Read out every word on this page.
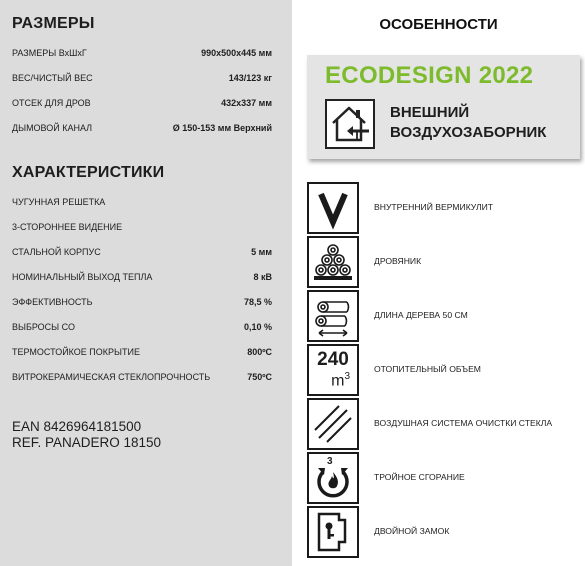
РАЗМЕРЫ
РАЗМЕРЫ ВхШхГ	990х500х445 мм
ВЕС/ЧИСТЫЙ ВЕС	143/123 кг
ОТСЕК ДЛЯ ДРОВ	432х337 мм
ДЫМОВОЙ КАНАЛ	Ø 150-153 мм Верхний
ХАРАКТЕРИСТИКИ
ЧУГУННАЯ РЕШЕТКА
3-СТОРОННЕЕ ВИДЕНИЕ
СТАЛЬНОЙ КОРПУС	5 мм
НОМИНАЛЬНЫЙ ВЫХОД ТЕПЛА	8 кВ
ЭФФЕКТИВНОСТЬ	78,5 %
ВЫБРОСЫ СО	0,10 %
ТЕРМОСТОЙКОЕ ПОКРЫТИЕ	800ºC
ВИТРОКЕРАМИЧЕСКАЯ СТЕКЛОПРОЧНОСТЬ	750ºC
EAN 8426964181500
REF. PANADERO 18150
ОСОБЕННОСТИ
ECODESIGN 2022
ВНЕШНИЙ ВОЗДУХОЗАБОРНИК
ВНУТРЕННИЙ ВЕРМИКУЛИТ
ДРОВЯНИК
ДЛИНА ДЕРЕВА 50 СМ
240
$m^3$
ОТОПИТЕЛЬНЫЙ ОБЪЕМ
ВОЗДУШНАЯ СИСТЕМА ОЧИСТКИ СТЕКЛА
3
ТРОЙНОЕ СГОРАНИЕ
ДВОЙНОЙ ЗАМОК
